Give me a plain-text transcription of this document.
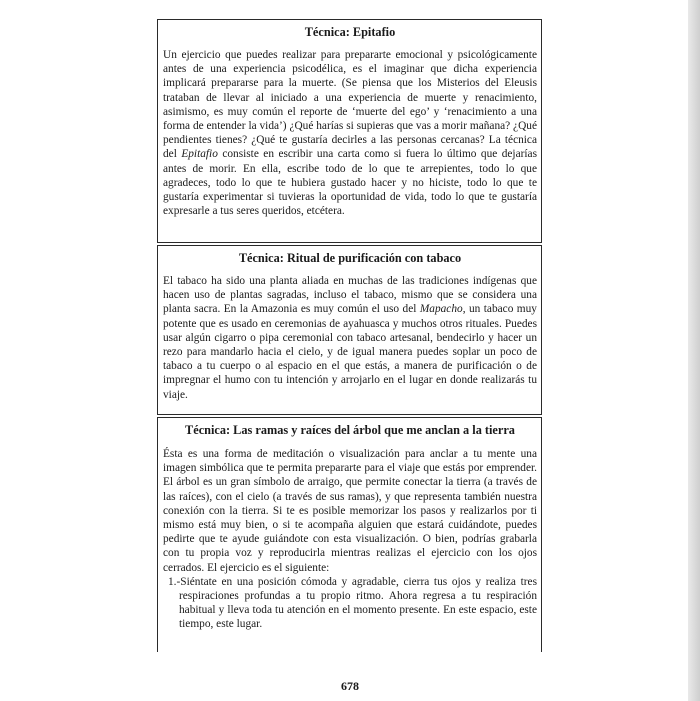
Técnica: Epitafio

Un ejercicio que puedes realizar para prepararte emocional y psicológicamente antes de una experiencia psicodélica, es el imaginar que dicha experiencia implicará prepararse para la muerte. (Se piensa que los Misterios del Eleusis trataban de llevar al iniciado a una experiencia de muerte y renacimiento, asimismo, es muy común el reporte de ‘muerte del ego’ y ‘renacimiento a una forma de entender la vida’) ¿Qué harías si supieras que vas a morir mañana? ¿Qué pendientes tienes? ¿Qué te gustaría decirles a las personas cercanas? La técnica del Epitafio consiste en escribir una carta como si fuera lo último que dejarías antes de morir. En ella, escribe todo de lo que te arrepientes, todo lo que agradeces, todo lo que te hubiera gustado hacer y no hiciste, todo lo que te gustaría experimentar si tuvieras la oportunidad de vida, todo lo que te gustaría expresarle a tus seres queridos, etcétera.

Técnica: Ritual de purificación con tabaco

El tabaco ha sido una planta aliada en muchas de las tradiciones indígenas que hacen uso de plantas sagradas, incluso el tabaco, mismo que se considera una planta sacra. En la Amazonia es muy común el uso del Mapacho, un tabaco muy potente que es usado en ceremonias de ayahuasca y muchos otros rituales. Puedes usar algún cigarro o pipa ceremonial con tabaco artesanal, bendecirlo y hacer un rezo para mandarlo hacia el cielo, y de igual manera puedes soplar un poco de tabaco a tu cuerpo o al espacio en el que estás, a manera de purificación o de impregnar el humo con tu intención y arrojarlo en el lugar en donde realizarás tu viaje.

Técnica: Las ramas y raíces del árbol que me anclan a la tierra

Ésta es una forma de meditación o visualización para anclar a tu mente una imagen simbólica que te permita prepararte para el viaje que estás por emprender. El árbol es un gran símbolo de arraigo, que permite conectar la tierra (a través de las raíces), con el cielo (a través de sus ramas), y que representa también nuestra conexión con la tierra. Si te es posible memorizar los pasos y realizarlos por ti mismo está muy bien, o si te acompaña alguien que estará cuidándote, puedes pedirte que te ayude guiándote con esta visualización. O bien, podrías grabarla con tu propia voz y reproducirla mientras realizas el ejercicio con los ojos cerrados. El ejercicio es el siguiente:

1.-Siéntate en una posición cómoda y agradable, cierra tus ojos y realiza tres respiraciones profundas a tu propio ritmo. Ahora regresa a tu respiración habitual y lleva toda tu atención en el momento presente. En este espacio, este tiempo, este lugar.

678
